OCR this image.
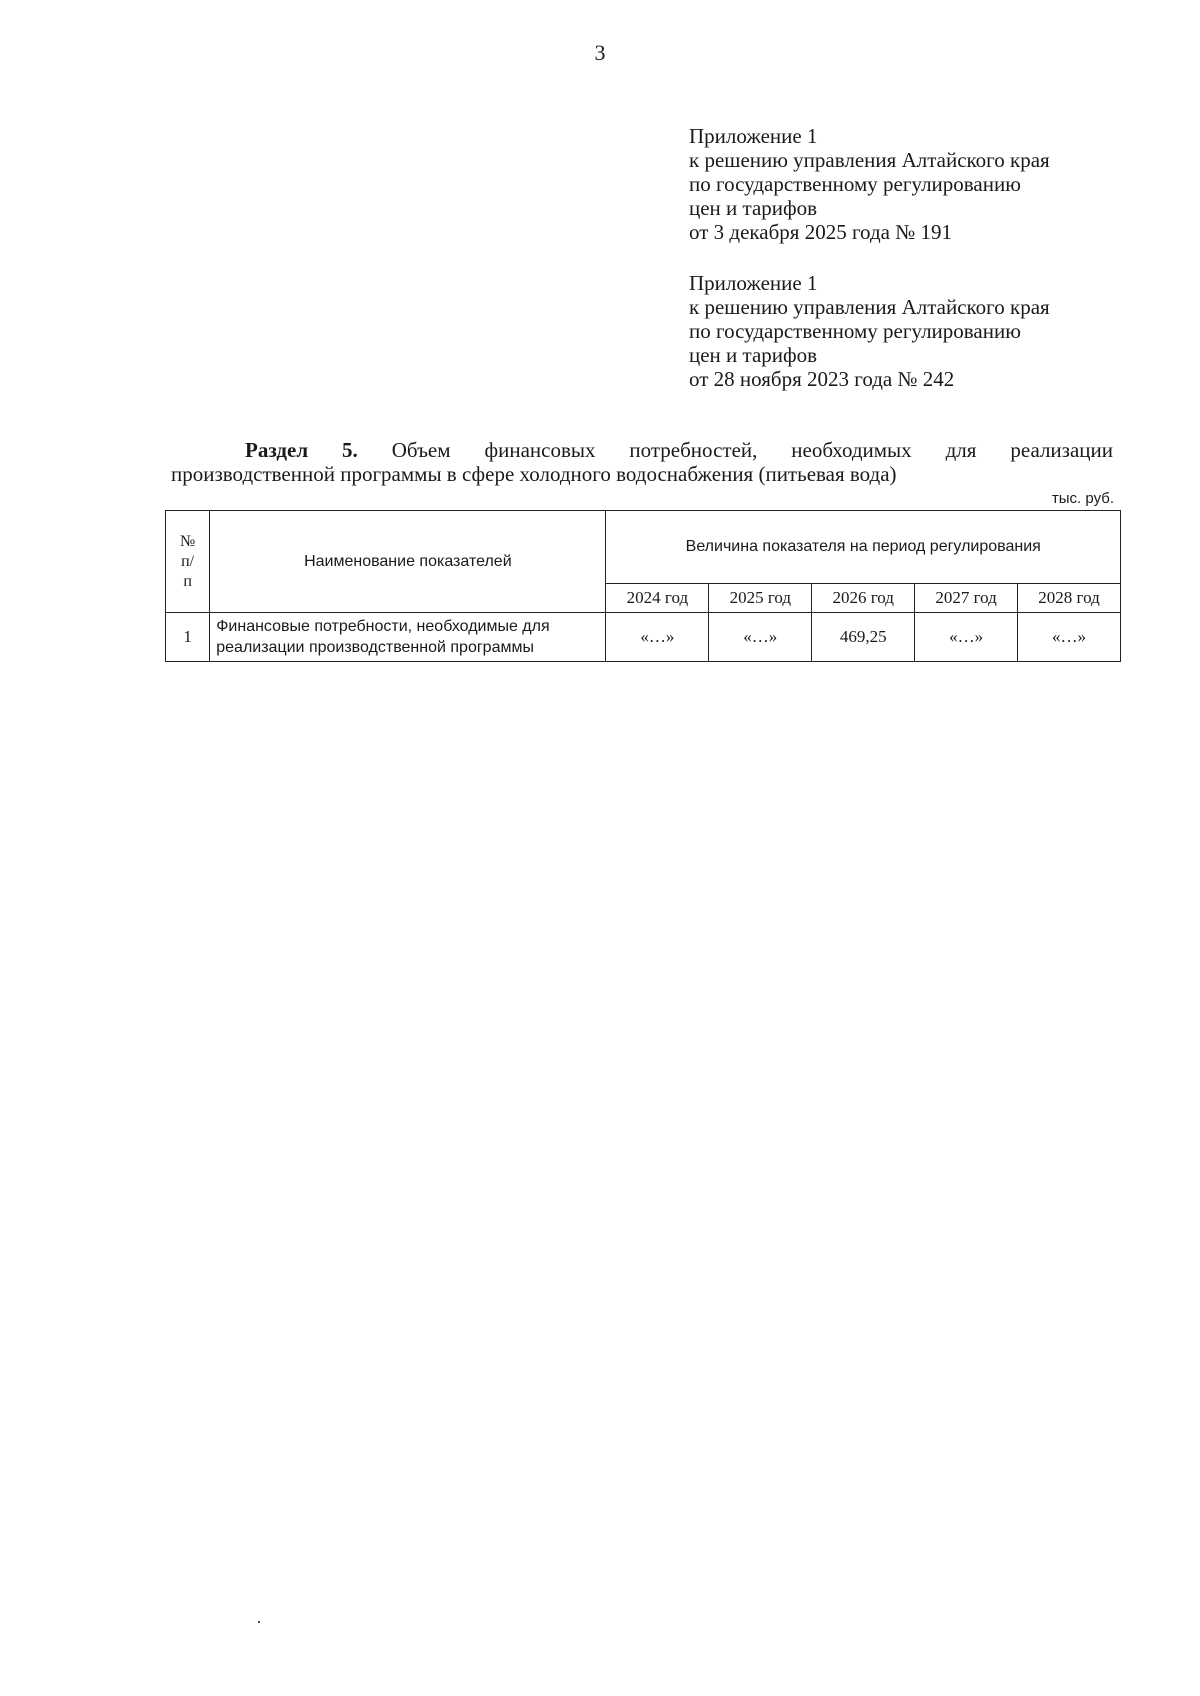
3
Приложение 1
к решению управления Алтайского края
по государственному регулированию
цен и тарифов
от 3 декабря 2025 года № 191
Приложение 1
к решению управления Алтайского края
по государственному регулированию
цен и тарифов
от 28 ноября 2023 года № 242
Раздел 5. Объем финансовых потребностей, необходимых для реализации
производственной программы в сфере холодного водоснабжения (питьевая вода)
тыс. руб.
№
п/
п	Наименование показателей	Величина показателя на период регулирования				
		2024 год	2025 год	2026 год	2027 год	2028 год
1	Финансовые потребности, необходимые для реализации производственной программы	«…»	«…»	469,25	«…»	«…»
